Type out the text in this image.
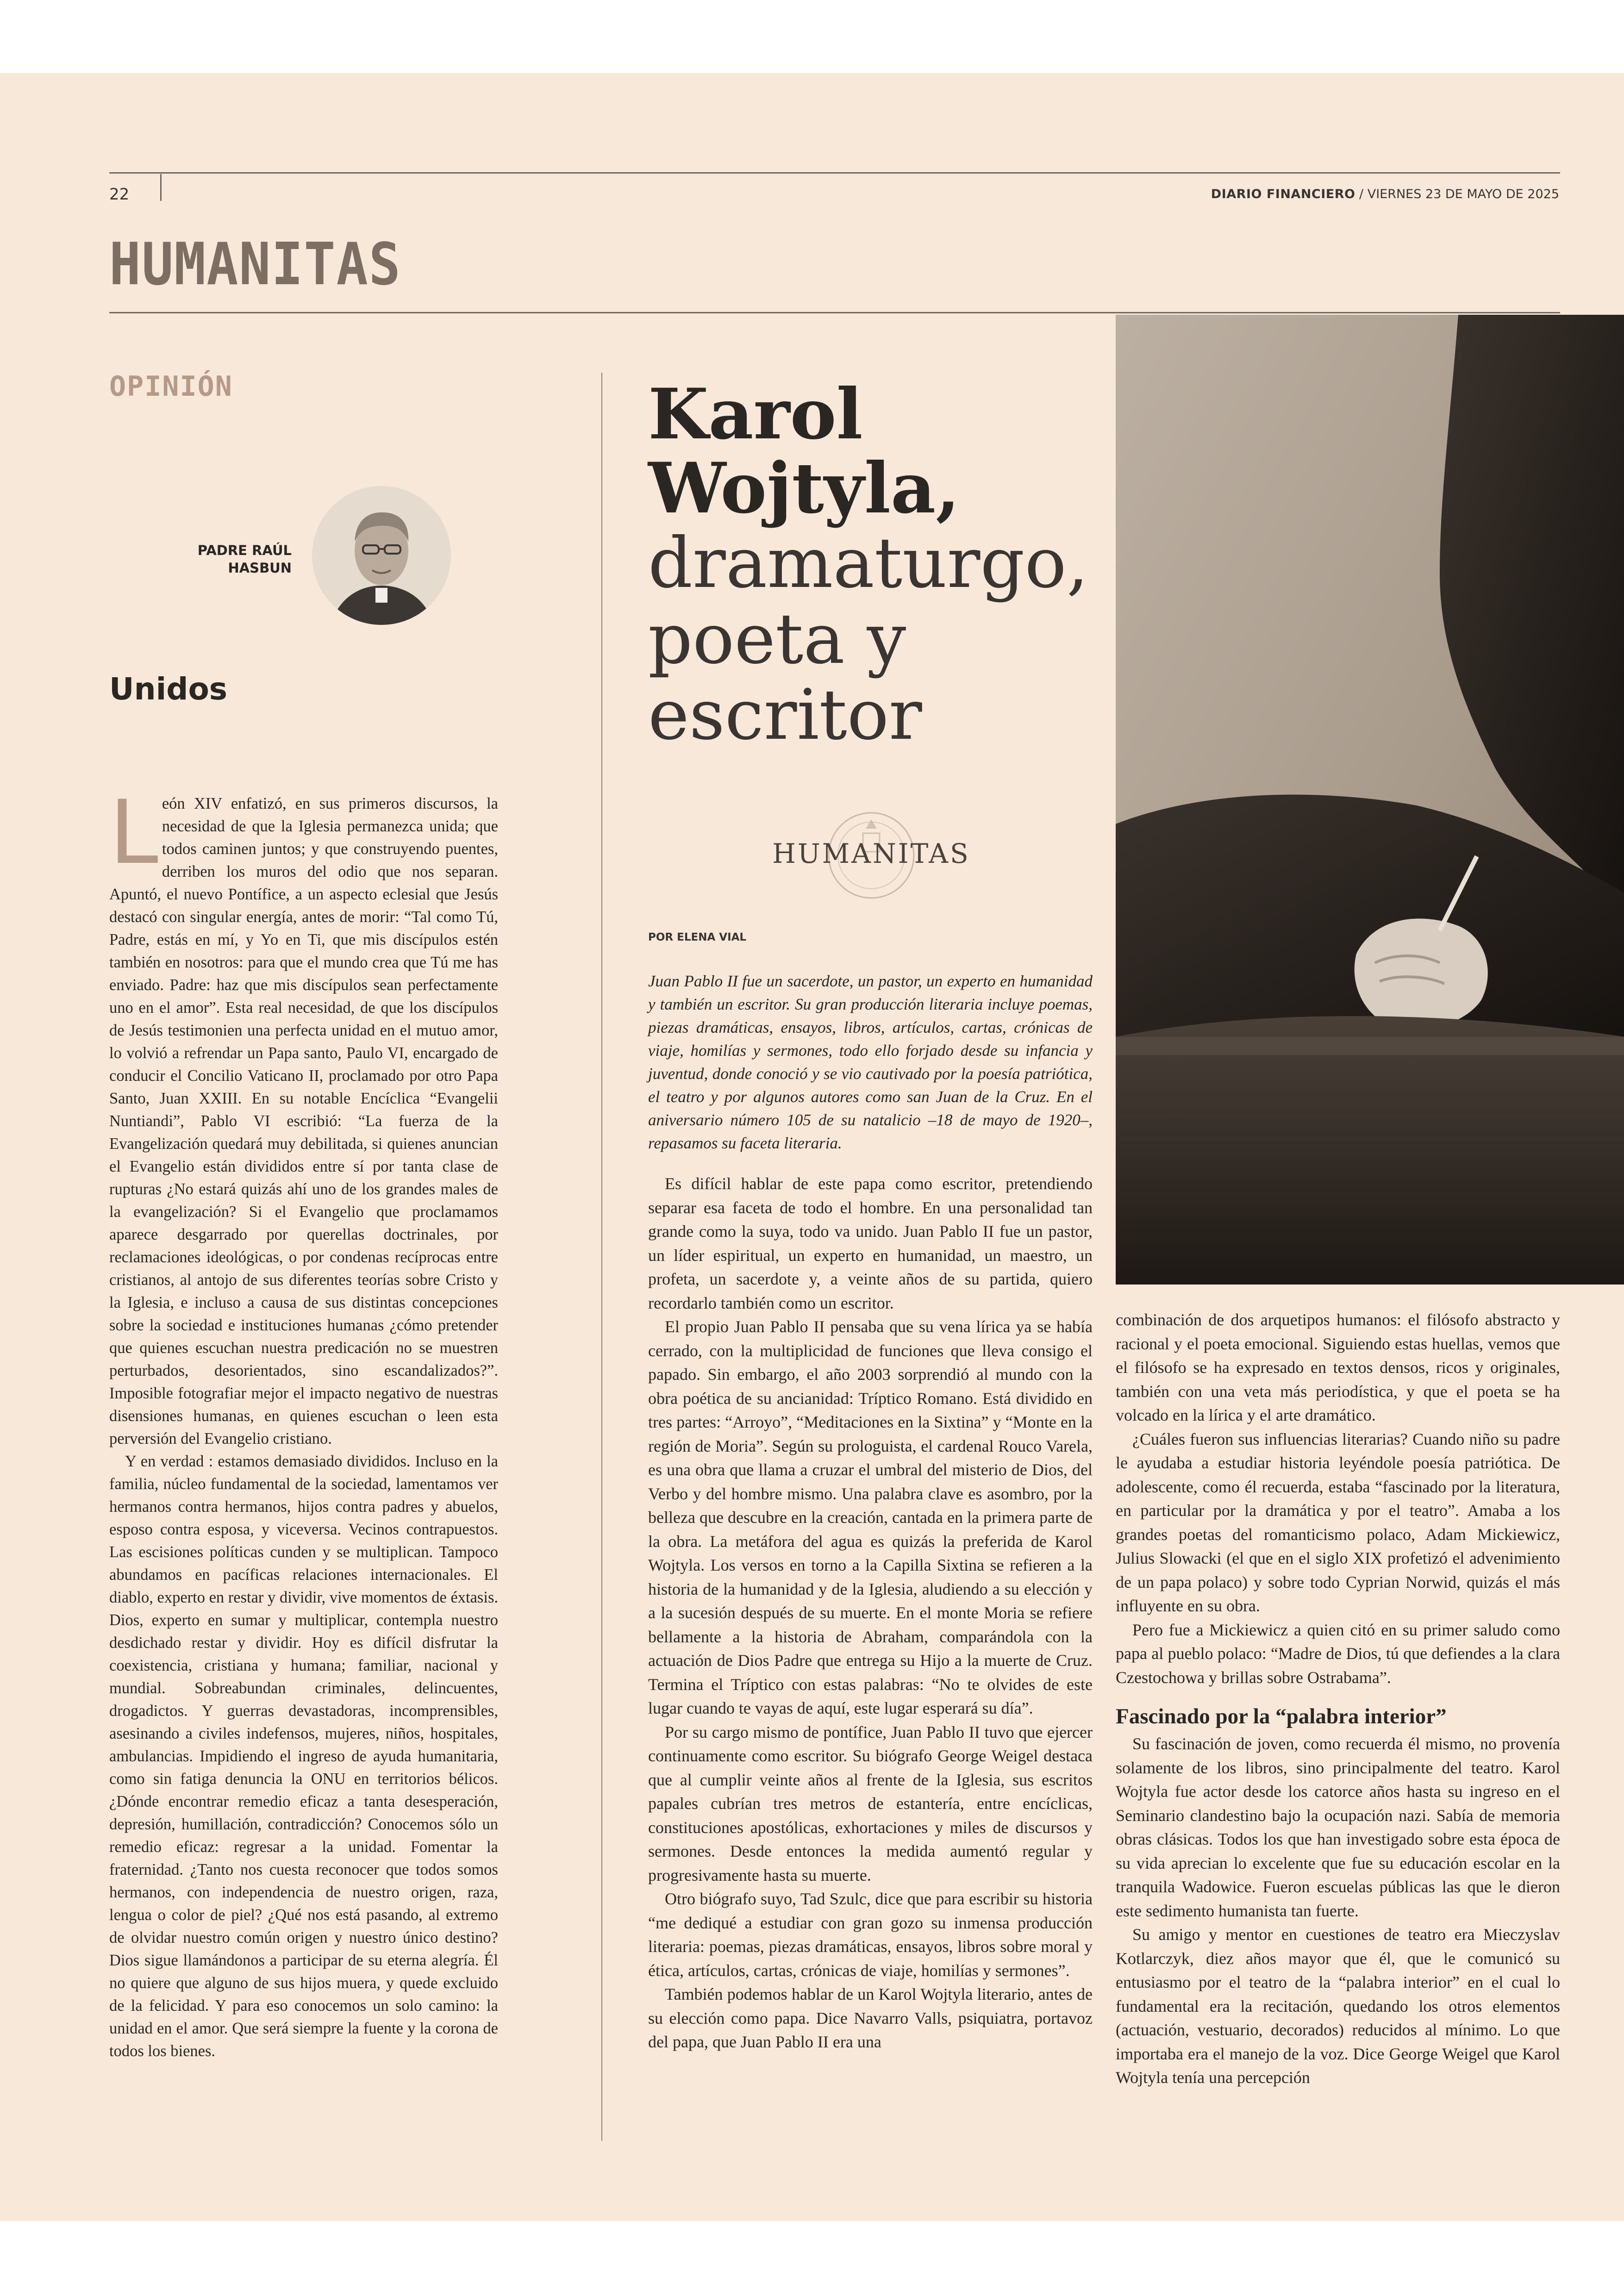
22	DIARIO FINANCIERO / VIERNES 23 DE MAYO DE 2025
HUMANITAS
OPINIÓN
PADRE RAÚL
HASBUN
Unidos

León XIV enfatizó, en sus primeros discursos, la necesidad de que la Iglesia permanezca unida; que todos caminen juntos; y que construyendo puentes, derriben los muros del odio que nos separan. Apuntó, el nuevo Pontífice, a un aspecto eclesial que Jesús destacó con singular energía, antes de morir: “Tal como Tú, Padre, estás en mí, y Yo en Ti, que mis discípulos estén también en nosotros: para que el mundo crea que Tú me has enviado. Padre: haz que mis discípulos sean perfectamente uno en el amor”. Esta real necesidad, de que los discípulos de Jesús testimonien una perfecta unidad en el mutuo amor, lo volvió a refrendar un Papa santo, Paulo VI, encargado de conducir el Concilio Vaticano II, proclamado por otro Papa Santo, Juan XXIII. En su notable Encíclica “Evangelii Nuntiandi”, Pablo VI escribió: “La fuerza de la Evangelización quedará muy debilitada, si quienes anuncian el Evangelio están divididos entre sí por tanta clase de rupturas ¿No estará quizás ahí uno de los grandes males de la evangelización? Si el Evangelio que proclamamos aparece desgarrado por querellas doctrinales, por reclamaciones ideológicas, o por condenas recíprocas entre cristianos, al antojo de sus diferentes teorías sobre Cristo y la Iglesia, e incluso a causa de sus distintas concepciones sobre la sociedad e instituciones humanas ¿cómo pretender que quienes escuchan nuestra predicación no se muestren perturbados, desorientados, sino escandalizados?”. Imposible fotografiar mejor el impacto negativo de nuestras disensiones humanas, en quienes escuchan o leen esta perversión del Evangelio cristiano.

Y en verdad : estamos demasiado divididos. Incluso en la familia, núcleo fundamental de la sociedad, lamentamos ver hermanos contra hermanos, hijos contra padres y abuelos, esposo contra esposa, y viceversa. Vecinos contrapuestos. Las escisiones políticas cunden y se multiplican. Tampoco abundamos en pacíficas relaciones internacionales. El diablo, experto en restar y dividir, vive momentos de éxtasis. Dios, experto en sumar y multiplicar, contempla nuestro desdichado restar y dividir. Hoy es difícil disfrutar la coexistencia, cristiana y humana; familiar, nacional y mundial. Sobreabundan criminales, delincuentes, drogadictos. Y guerras devastadoras, incomprensibles, asesinando a civiles indefensos, mujeres, niños, hospitales, ambulancias. Impidiendo el ingreso de ayuda humanitaria, como sin fatiga denuncia la ONU en territorios bélicos. ¿Dónde encontrar remedio eficaz a tanta desesperación, depresión, humillación, contradicción? Conocemos sólo un remedio eficaz: regresar a la unidad. Fomentar la fraternidad. ¿Tanto nos cuesta reconocer que todos somos hermanos, con independencia de nuestro origen, raza, lengua o color de piel? ¿Qué nos está pasando, al extremo de olvidar nuestro común origen y nuestro único destino? Dios sigue llamándonos a participar de su eterna alegría. Él no quiere que alguno de sus hijos muera, y quede excluido de la felicidad. Y para eso conocemos un solo camino: la unidad en el amor. Que será siempre la fuente y la corona de todos los bienes.

Karol
Wojtyla,
dramaturgo,
poeta y
escritor
HUMANITAS
POR ELENA VIAL
Juan Pablo II fue un sacerdote, un pastor, un experto en humanidad y también un escritor. Su gran producción literaria incluye poemas, piezas dramáticas, ensayos, libros, artículos, cartas, crónicas de viaje, homilías y sermones, todo ello forjado desde su infancia y juventud, donde conoció y se vio cautivado por la poesía patriótica, el teatro y por algunos autores como san Juan de la Cruz. En el aniversario número 105 de su natalicio –18 de mayo de 1920–, repasamos su faceta literaria.

Es difícil hablar de este papa como escritor, pretendiendo separar esa faceta de todo el hombre. En una personalidad tan grande como la suya, todo va unido. Juan Pablo II fue un pastor, un líder espiritual, un experto en humanidad, un maestro, un profeta, un sacerdote y, a veinte años de su partida, quiero recordarlo también como un escritor.

El propio Juan Pablo II pensaba que su vena lírica ya se había cerrado, con la multiplicidad de funciones que lleva consigo el papado. Sin embargo, el año 2003 sorprendió al mundo con la obra poética de su ancianidad: Tríptico Romano. Está dividido en tres partes: “Arroyo”, “Meditaciones en la Sixtina” y “Monte en la región de Moria”. Según su prologuista, el cardenal Rouco Varela, es una obra que llama a cruzar el umbral del misterio de Dios, del Verbo y del hombre mismo. Una palabra clave es asombro, por la belleza que descubre en la creación, cantada en la primera parte de la obra. La metáfora del agua es quizás la preferida de Karol Wojtyla. Los versos en torno a la Capilla Sixtina se refieren a la historia de la humanidad y de la Iglesia, aludiendo a su elección y a la sucesión después de su muerte. En el monte Moria se refiere bellamente a la historia de Abraham, comparándola con la actuación de Dios Padre que entrega su Hijo a la muerte de Cruz. Termina el Tríptico con estas palabras: “No te olvides de este lugar cuando te vayas de aquí, este lugar esperará su día”.

Por su cargo mismo de pontífice, Juan Pablo II tuvo que ejercer continuamente como escritor. Su biógrafo George Weigel destaca que al cumplir veinte años al frente de la Iglesia, sus escritos papales cubrían tres metros de estantería, entre encíclicas, constituciones apostólicas, exhortaciones y miles de discursos y sermones. Desde entonces la medida aumentó regular y progresivamente hasta su muerte.

Otro biógrafo suyo, Tad Szulc, dice que para escribir su historia “me dediqué a estudiar con gran gozo su inmensa producción literaria: poemas, piezas dramáticas, ensayos, libros sobre moral y ética, artículos, cartas, crónicas de viaje, homilías y sermones”.

También podemos hablar de un Karol Wojtyla literario, antes de su elección como papa. Dice Navarro Valls, psiquiatra, portavoz del papa, que Juan Pablo II era una

combinación de dos arquetipos humanos: el filósofo abstracto y racional y el poeta emocional. Siguiendo estas huellas, vemos que el filósofo se ha expresado en textos densos, ricos y originales, también con una veta más periodística, y que el poeta se ha volcado en la lírica y el arte dramático.

¿Cuáles fueron sus influencias literarias? Cuando niño su padre le ayudaba a estudiar historia leyéndole poesía patriótica. De adolescente, como él recuerda, estaba “fascinado por la literatura, en particular por la dramática y por el teatro”. Amaba a los grandes poetas del romanticismo polaco, Adam Mickiewicz, Julius Slowacki (el que en el siglo XIX profetizó el advenimiento de un papa polaco) y sobre todo Cyprian Norwid, quizás el más influyente en su obra.

Pero fue a Mickiewicz a quien citó en su primer saludo como papa al pueblo polaco: “Madre de Dios, tú que defiendes a la clara Czestochowa y brillas sobre Ostrabama”.

Fascinado por la “palabra interior”

Su fascinación de joven, como recuerda él mismo, no provenía solamente de los libros, sino principalmente del teatro. Karol Wojtyla fue actor desde los catorce años hasta su ingreso en el Seminario clandestino bajo la ocupación nazi. Sabía de memoria obras clásicas. Todos los que han investigado sobre esta época de su vida aprecian lo excelente que fue su educación escolar en la tranquila Wadowice. Fueron escuelas públicas las que le dieron este sedimento humanista tan fuerte.

Su amigo y mentor en cuestiones de teatro era Mieczyslav Kotlarczyk, diez años mayor que él, que le comunicó su entusiasmo por el teatro de la “palabra interior” en el cual lo fundamental era la recitación, quedando los otros elementos (actuación, vestuario, decorados) reducidos al mínimo. Lo que importaba era el manejo de la voz. Dice George Weigel que Karol Wojtyla tenía una percepción
